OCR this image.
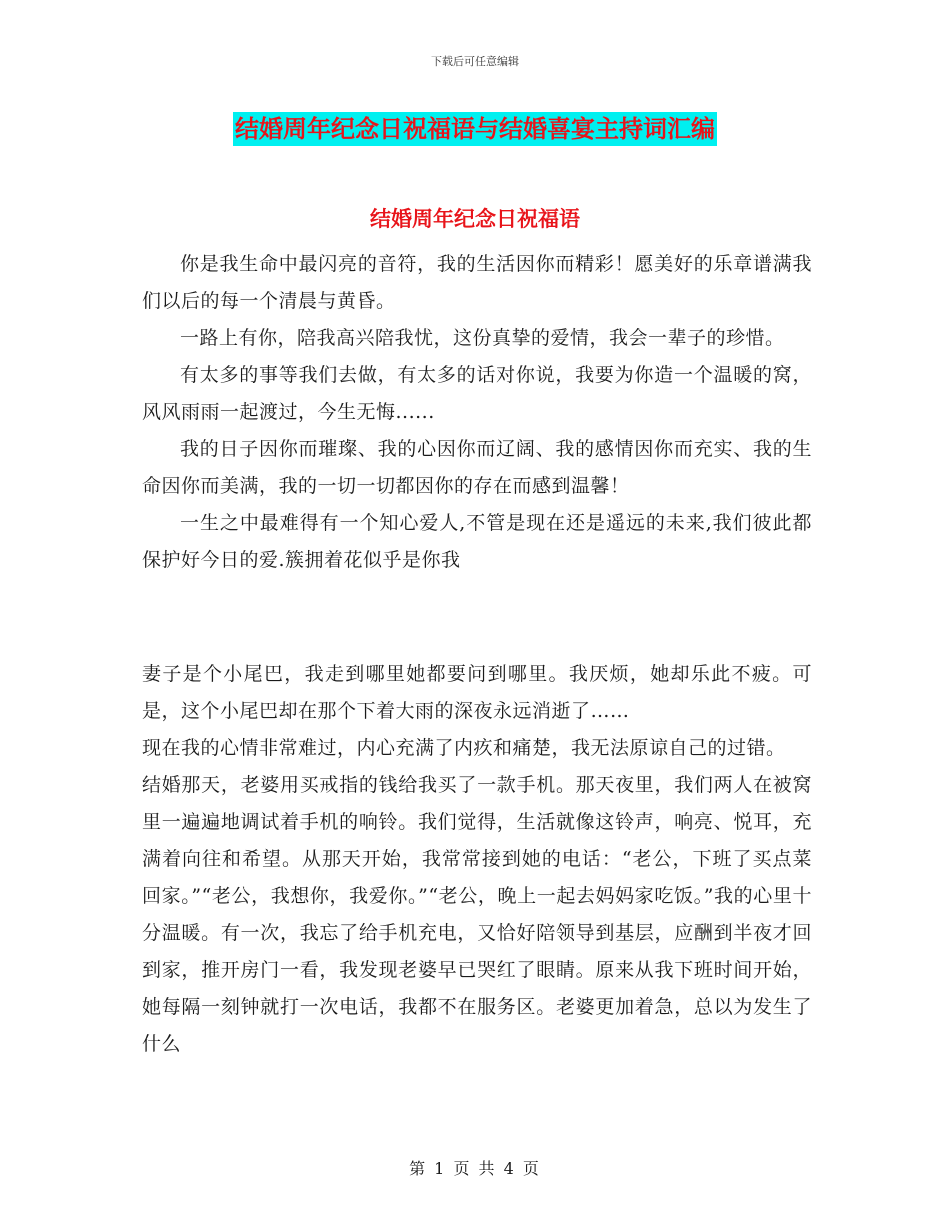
下载后可任意编辑
结婚周年纪念日祝福语与结婚喜宴主持词汇编
结婚周年纪念日祝福语

你是我生命中最闪亮的音符，我的生活因你而精彩！愿美好的乐章谱满我们以后的每一个清晨与黄昏。

一路上有你，陪我高兴陪我忧，这份真挚的爱情，我会一辈子的珍惜。

有太多的事等我们去做，有太多的话对你说，我要为你造一个温暖的窝，风风雨雨一起渡过，今生无悔......

我的日子因你而璀璨、我的心因你而辽阔、我的感情因你而充实、我的生命因你而美满，我的一切一切都因你的存在而感到温馨！

一生之中最难得有一个知心爱人,不管是现在还是遥远的未来,我们彼此都保护好今日的爱.簇拥着花似乎是你我

妻子是个小尾巴，我走到哪里她都要问到哪里。我厌烦，她却乐此不疲。可是，这个小尾巴却在那个下着大雨的深夜永远消逝了……

现在我的心情非常难过，内心充满了内疚和痛楚，我无法原谅自己的过错。

结婚那天，老婆用买戒指的钱给我买了一款手机。那天夜里，我们两人在被窝里一遍遍地调试着手机的响铃。我们觉得，生活就像这铃声，响亮、悦耳，充满着向往和希望。从那天开始，我常常接到她的电话：“老公，下班了买点菜回家。”“老公，我想你，我爱你。”“老公，晚上一起去妈妈家吃饭。”我的心里十分温暖。有一次，我忘了给手机充电，又恰好陪领导到基层，应酬到半夜才回到家，推开房门一看，我发现老婆早已哭红了眼睛。原来从我下班时间开始，她每隔一刻钟就打一次电话，我都不在服务区。老婆更加着急，总以为发生了什么

第 1 页 共 4 页
